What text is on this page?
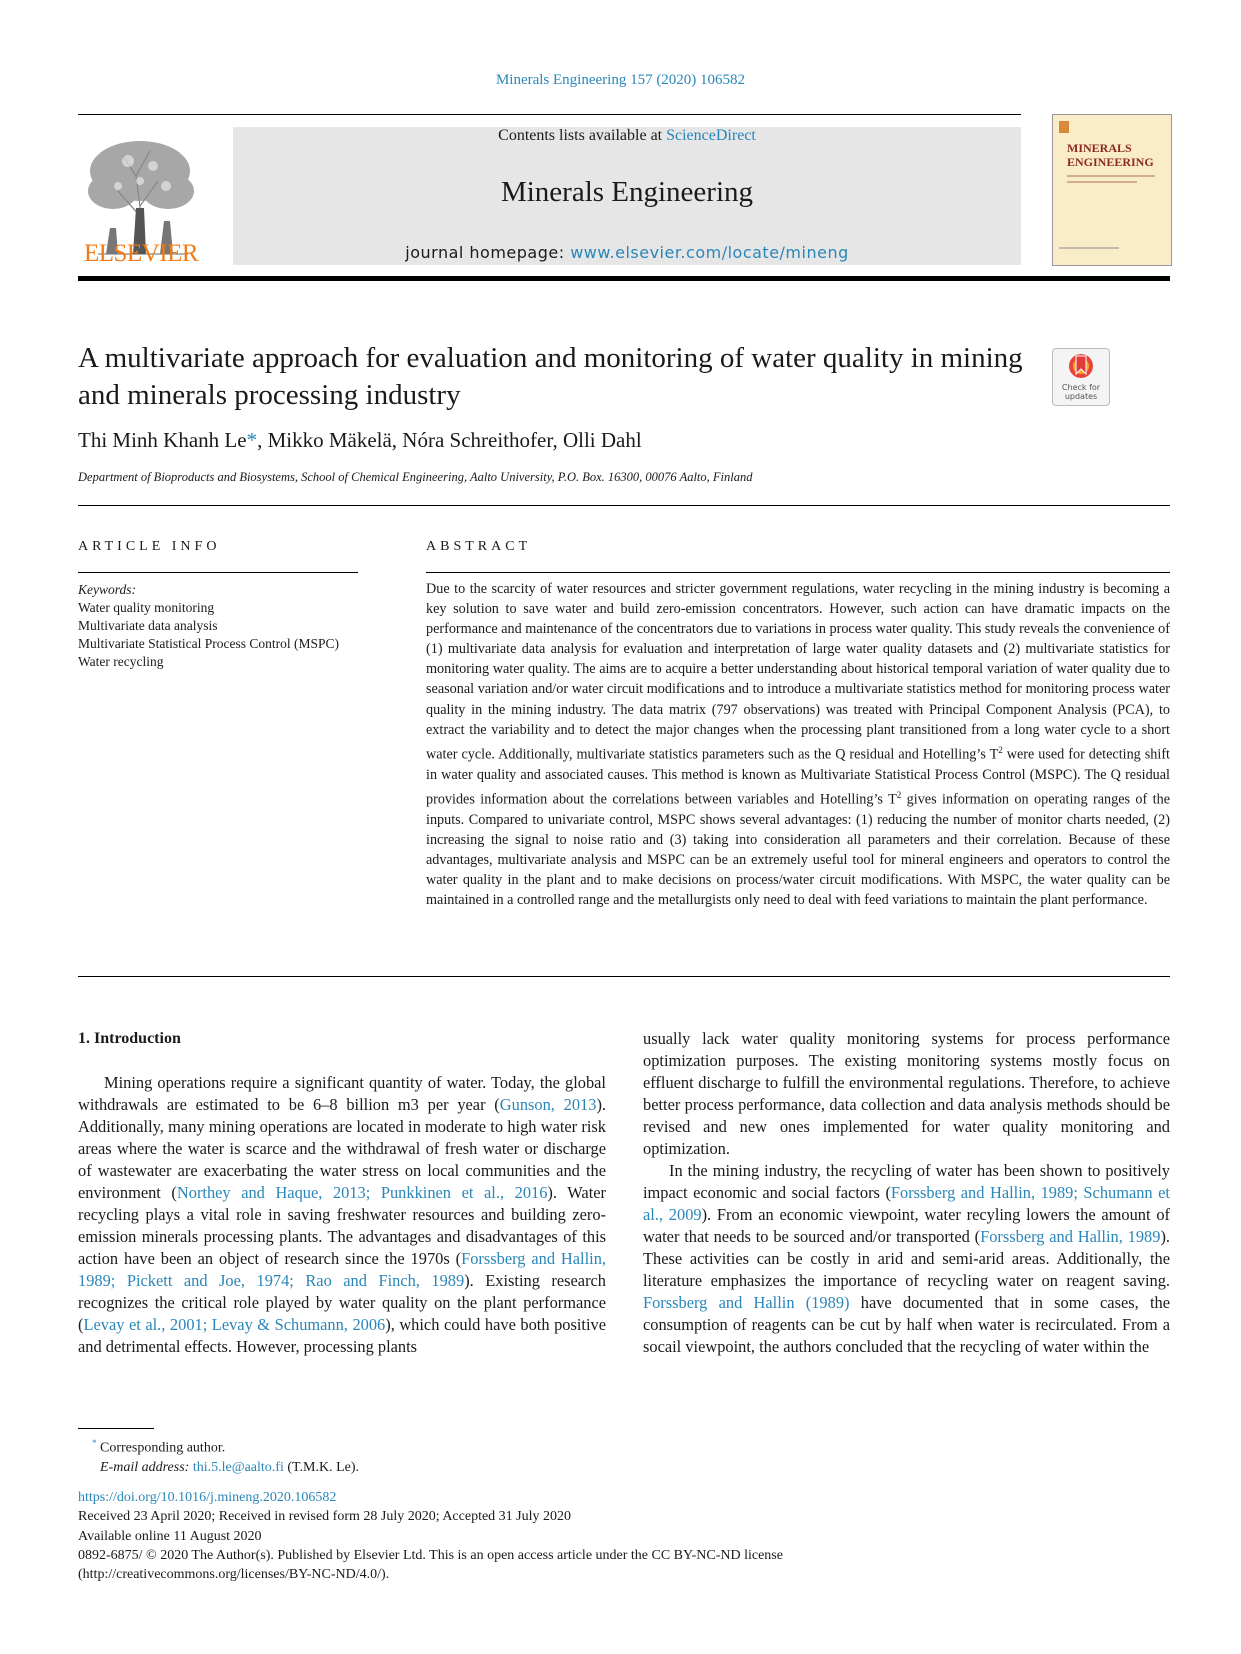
Minerals Engineering 157 (2020) 106582
ELSEVIER
Contents lists available at ScienceDirect
Minerals Engineering
journal homepage: www.elsevier.com/locate/mineng
MINERALS ENGINEERING
A multivariate approach for evaluation and monitoring of water quality in mining and minerals processing industry	Check for updates
Thi Minh Khanh Le*, Mikko Mäkelä, Nóra Schreithofer, Olli Dahl
Department of Bioproducts and Biosystems, School of Chemical Engineering, Aalto University, P.O. Box. 16300, 00076 Aalto, Finland
ARTICLE INFO
Keywords:
Water quality monitoring
Multivariate data analysis
Multivariate Statistical Process Control (MSPC)
Water recycling
ABSTRACT
Due to the scarcity of water resources and stricter government regulations, water recycling in the mining industry is becoming a key solution to save water and build zero-emission concentrators. However, such action can have dramatic impacts on the performance and maintenance of the concentrators due to variations in process water quality. This study reveals the convenience of (1) multivariate data analysis for evaluation and interpretation of large water quality datasets and (2) multivariate statistics for monitoring water quality. The aims are to acquire a better understanding about historical temporal variation of water quality due to seasonal variation and/or water circuit modifications and to introduce a multivariate statistics method for monitoring process water quality in the mining industry. The data matrix (797 observations) was treated with Principal Component Analysis (PCA), to extract the variability and to detect the major changes when the processing plant transitioned from a long water cycle to a short water cycle. Additionally, multivariate statistics parameters such as the Q residual and Hotelling’s $T^2$ were used for detecting shift in water quality and associated causes. This method is known as Multivariate Statistical Process Control (MSPC). The Q residual provides information about the correlations between variables and Hotelling’s $T^2$ gives information on operating ranges of the inputs. Compared to univariate control, MSPC shows several advantages: (1) reducing the number of monitor charts needed, (2) increasing the signal to noise ratio and (3) taking into consideration all parameters and their correlation. Because of these advantages, multivariate analysis and MSPC can be an extremely useful tool for mineral engineers and operators to control the water quality in the plant and to make decisions on process/water circuit modifications. With MSPC, the water quality can be maintained in a controlled range and the metallurgists only need to deal with feed variations to maintain the plant performance.
1. Introduction

Mining operations require a significant quantity of water. Today, the global withdrawals are estimated to be 6–8 billion m3 per year (Gunson, 2013). Additionally, many mining operations are located in moderate to high water risk areas where the water is scarce and the withdrawal of fresh water or discharge of wastewater are exacerbating the water stress on local communities and the environment (Northey and Haque, 2013; Punkkinen et al., 2016). Water recycling plays a vital role in saving freshwater resources and building zero-emission minerals processing plants. The advantages and disadvantages of this action have been an object of research since the 1970s (Forssberg and Hallin, 1989; Pickett and Joe, 1974; Rao and Finch, 1989). Existing research recognizes the critical role played by water quality on the plant performance (Levay et al., 2001; Levay & Schumann, 2006), which could have both positive and detrimental effects. However, processing plants

usually lack water quality monitoring systems for process performance optimization purposes. The existing monitoring systems mostly focus on effluent discharge to fulfill the environmental regulations. Therefore, to achieve better process performance, data collection and data analysis methods should be revised and new ones implemented for water quality monitoring and optimization.

In the mining industry, the recycling of water has been shown to positively impact economic and social factors (Forssberg and Hallin, 1989; Schumann et al., 2009). From an economic viewpoint, water recyling lowers the amount of water that needs to be sourced and/or transported (Forssberg and Hallin, 1989). These activities can be costly in arid and semi-arid areas. Additionally, the literature emphasizes the importance of recycling water on reagent saving. Forssberg and Hallin (1989) have documented that in some cases, the consumption of reagents can be cut by half when water is recirculated. From a socail viewpoint, the authors concluded that the recycling of water within the

* Corresponding author.
E-mail address: thi.5.le@aalto.fi (T.M.K. Le).
https://doi.org/10.1016/j.mineng.2020.106582
Received 23 April 2020; Received in revised form 28 July 2020; Accepted 31 July 2020
Available online 11 August 2020
0892-6875/ © 2020 The Author(s). Published by Elsevier Ltd. This is an open access article under the CC BY-NC-ND license
(http://creativecommons.org/licenses/BY-NC-ND/4.0/).
